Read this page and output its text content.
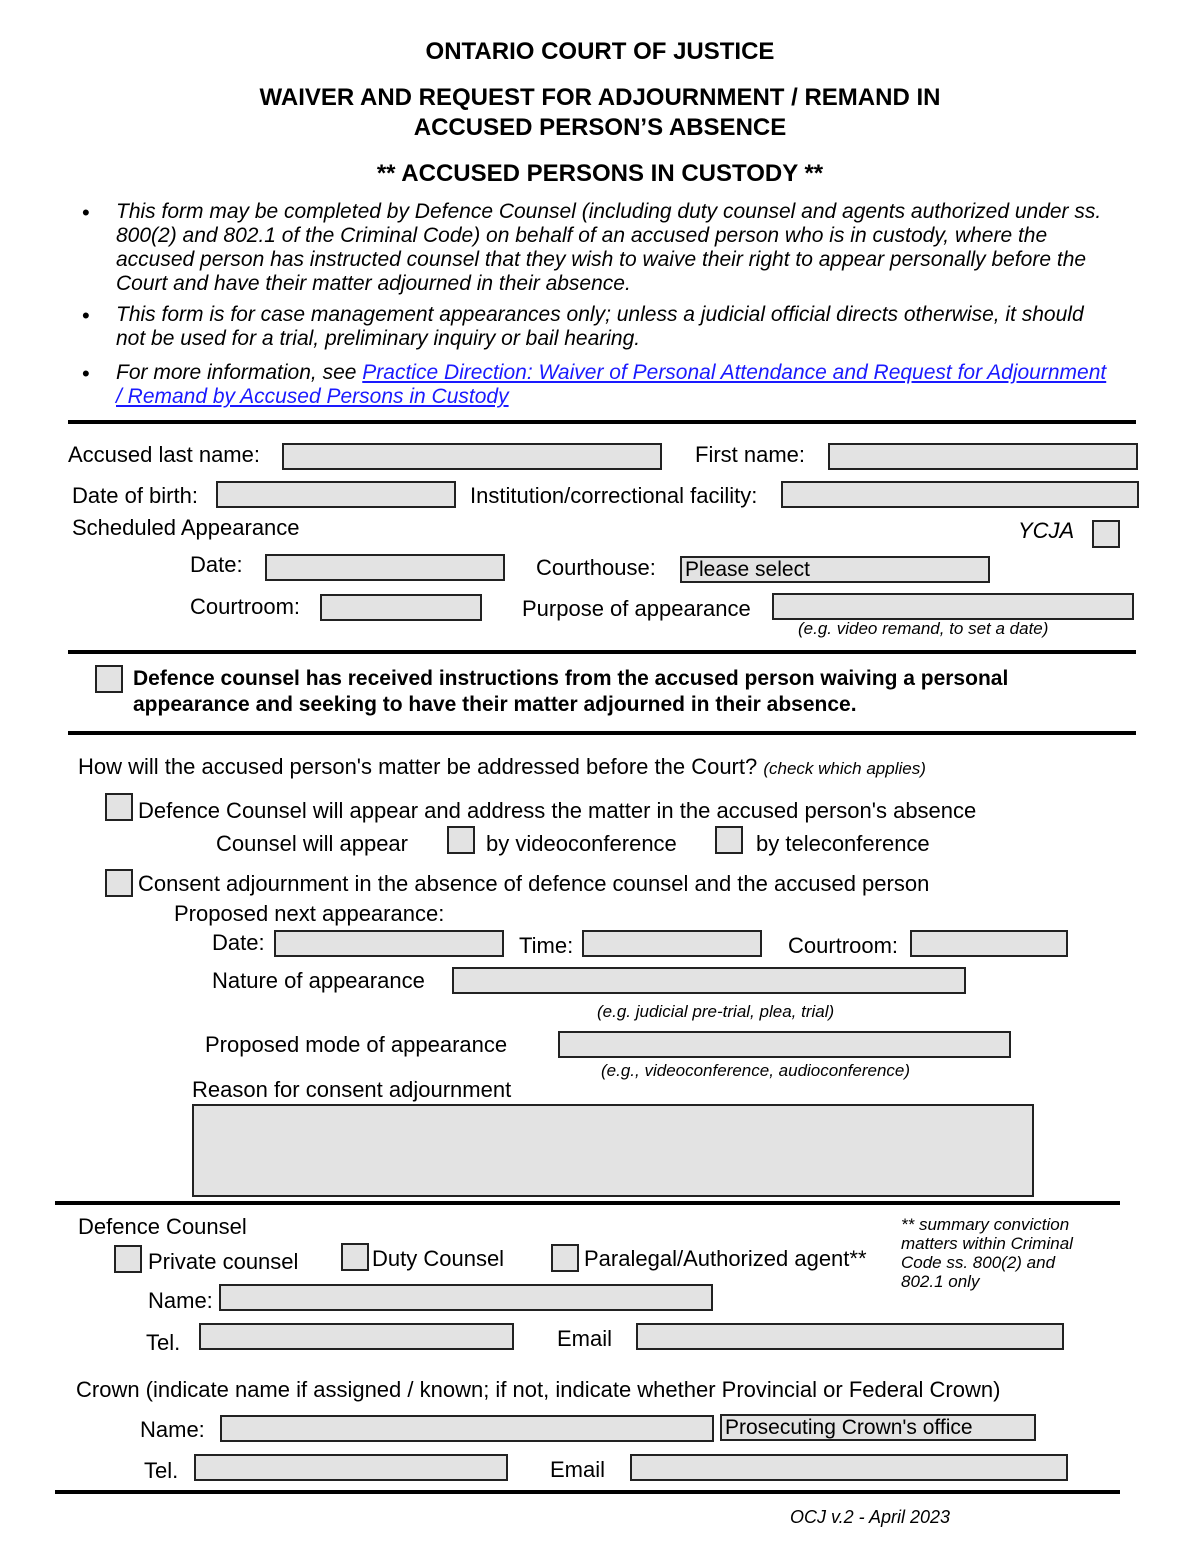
ONTARIO COURT OF JUSTICE
WAIVER AND REQUEST FOR ADJOURNMENT / REMAND IN
ACCUSED PERSON’S ABSENCE
** ACCUSED PERSONS IN CUSTODY **
• This form may be completed by Defence Counsel (including duty counsel and agents authorized under ss. 800(2) and 802.1 of the Criminal Code) on behalf of an accused person who is in custody, where the accused person has instructed counsel that they wish to waive their right to appear personally before the Court and have their matter adjourned in their absence.
• This form is for case management appearances only; unless a judicial official directs otherwise, it should not be used for a trial, preliminary inquiry or bail hearing.
• For more information, see Practice Direction: Waiver of Personal Attendance and Request for Adjournment / Remand by Accused Persons in Custody
Accused last name:	First name:
Date of birth:	Institution/correctional facility:
Scheduled Appearance	YCJA
Date:	Courthouse: Please select
Courtroom:	Purpose of appearance
(e.g. video remand, to set a date)
Defence counsel has received instructions from the accused person waiving a personal appearance and seeking to have their matter adjourned in their absence.
How will the accused person's matter be addressed before the Court? (check which applies)
Defence Counsel will appear and address the matter in the accused person's absence
Counsel will appear	by videoconference	by teleconference
Consent adjournment in the absence of defence counsel and the accused person
Proposed next appearance:
Date:	Time:	Courtroom:
Nature of appearance
(e.g. judicial pre-trial, plea, trial)
Proposed mode of appearance
(e.g., videoconference, audioconference)
Reason for consent adjournment
Defence Counsel
Private counsel	Duty Counsel	Paralegal/Authorized agent**
** summary conviction matters within Criminal Code ss. 800(2) and 802.1 only
Name:
Tel.	Email
Crown (indicate name if assigned / known; if not, indicate whether Provincial or Federal Crown)
Name:	Prosecuting Crown's office
Tel.	Email
OCJ v.2 - April 2023
